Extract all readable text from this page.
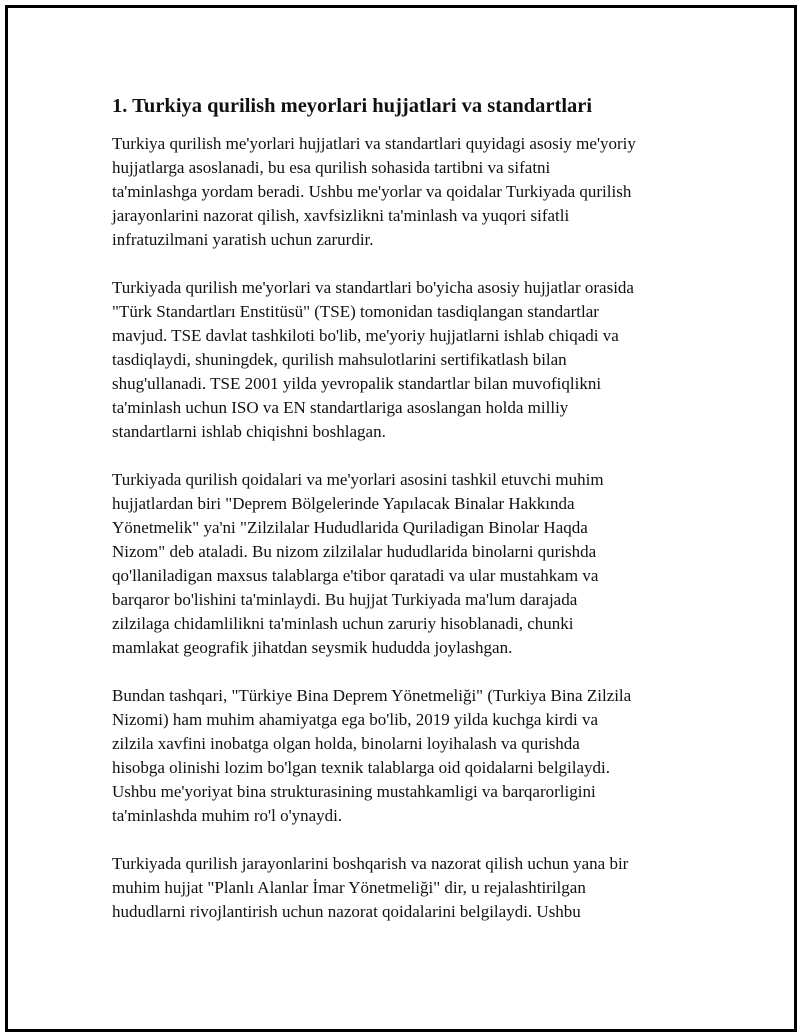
1. Turkiya qurilish meyorlari hujjatlari va standartlari
Turkiya qurilish me'yorlari hujjatlari va standartlari quyidagi asosiy me'yoriy
hujjatlarga asoslanadi, bu esa qurilish sohasida tartibni va sifatni
ta'minlashga yordam beradi. Ushbu me'yorlar va qoidalar Turkiyada qurilish
jarayonlarini nazorat qilish, xavfsizlikni ta'minlash va yuqori sifatli
infratuzilmani yaratish uchun zarurdir.
Turkiyada qurilish me'yorlari va standartlari bo'yicha asosiy hujjatlar orasida
"Türk Standartları Enstitüsü" (TSE) tomonidan tasdiqlangan standartlar
mavjud. TSE davlat tashkiloti bo'lib, me'yoriy hujjatlarni ishlab chiqadi va
tasdiqlaydi, shuningdek, qurilish mahsulotlarini sertifikatlash bilan
shug'ullanadi. TSE 2001 yilda yevropalik standartlar bilan muvofiqlikni
ta'minlash uchun ISO va EN standartlariga asoslangan holda milliy
standartlarni ishlab chiqishni boshlagan.
Turkiyada qurilish qoidalari va me'yorlari asosini tashkil etuvchi muhim
hujjatlardan biri "Deprem Bölgelerinde Yapılacak Binalar Hakkında
Yönetmelik" ya'ni "Zilzilalar Hududlarida Quriladigan Binolar Haqda
Nizom" deb ataladi. Bu nizom zilzilalar hududlarida binolarni qurishda
qo'llaniladigan maxsus talablarga e'tibor qaratadi va ular mustahkam va
barqaror bo'lishini ta'minlaydi. Bu hujjat Turkiyada ma'lum darajada
zilzilaga chidamlilikni ta'minlash uchun zaruriy hisoblanadi, chunki
mamlakat geografik jihatdan seysmik hududda joylashgan.
Bundan tashqari, "Türkiye Bina Deprem Yönetmeliği" (Turkiya Bina Zilzila
Nizomi) ham muhim ahamiyatga ega bo'lib, 2019 yilda kuchga kirdi va
zilzila xavfini inobatga olgan holda, binolarni loyihalash va qurishda
hisobga olinishi lozim bo'lgan texnik talablarga oid qoidalarni belgilaydi.
Ushbu me'yoriyat bina strukturasining mustahkamligi va barqarorligini
ta'minlashda muhim ro'l o'ynaydi.
Turkiyada qurilish jarayonlarini boshqarish va nazorat qilish uchun yana bir
muhim hujjat "Planlı Alanlar İmar Yönetmeliği" dir, u rejalashtirilgan
hududlarni rivojlantirish uchun nazorat qoidalarini belgilaydi. Ushbu
